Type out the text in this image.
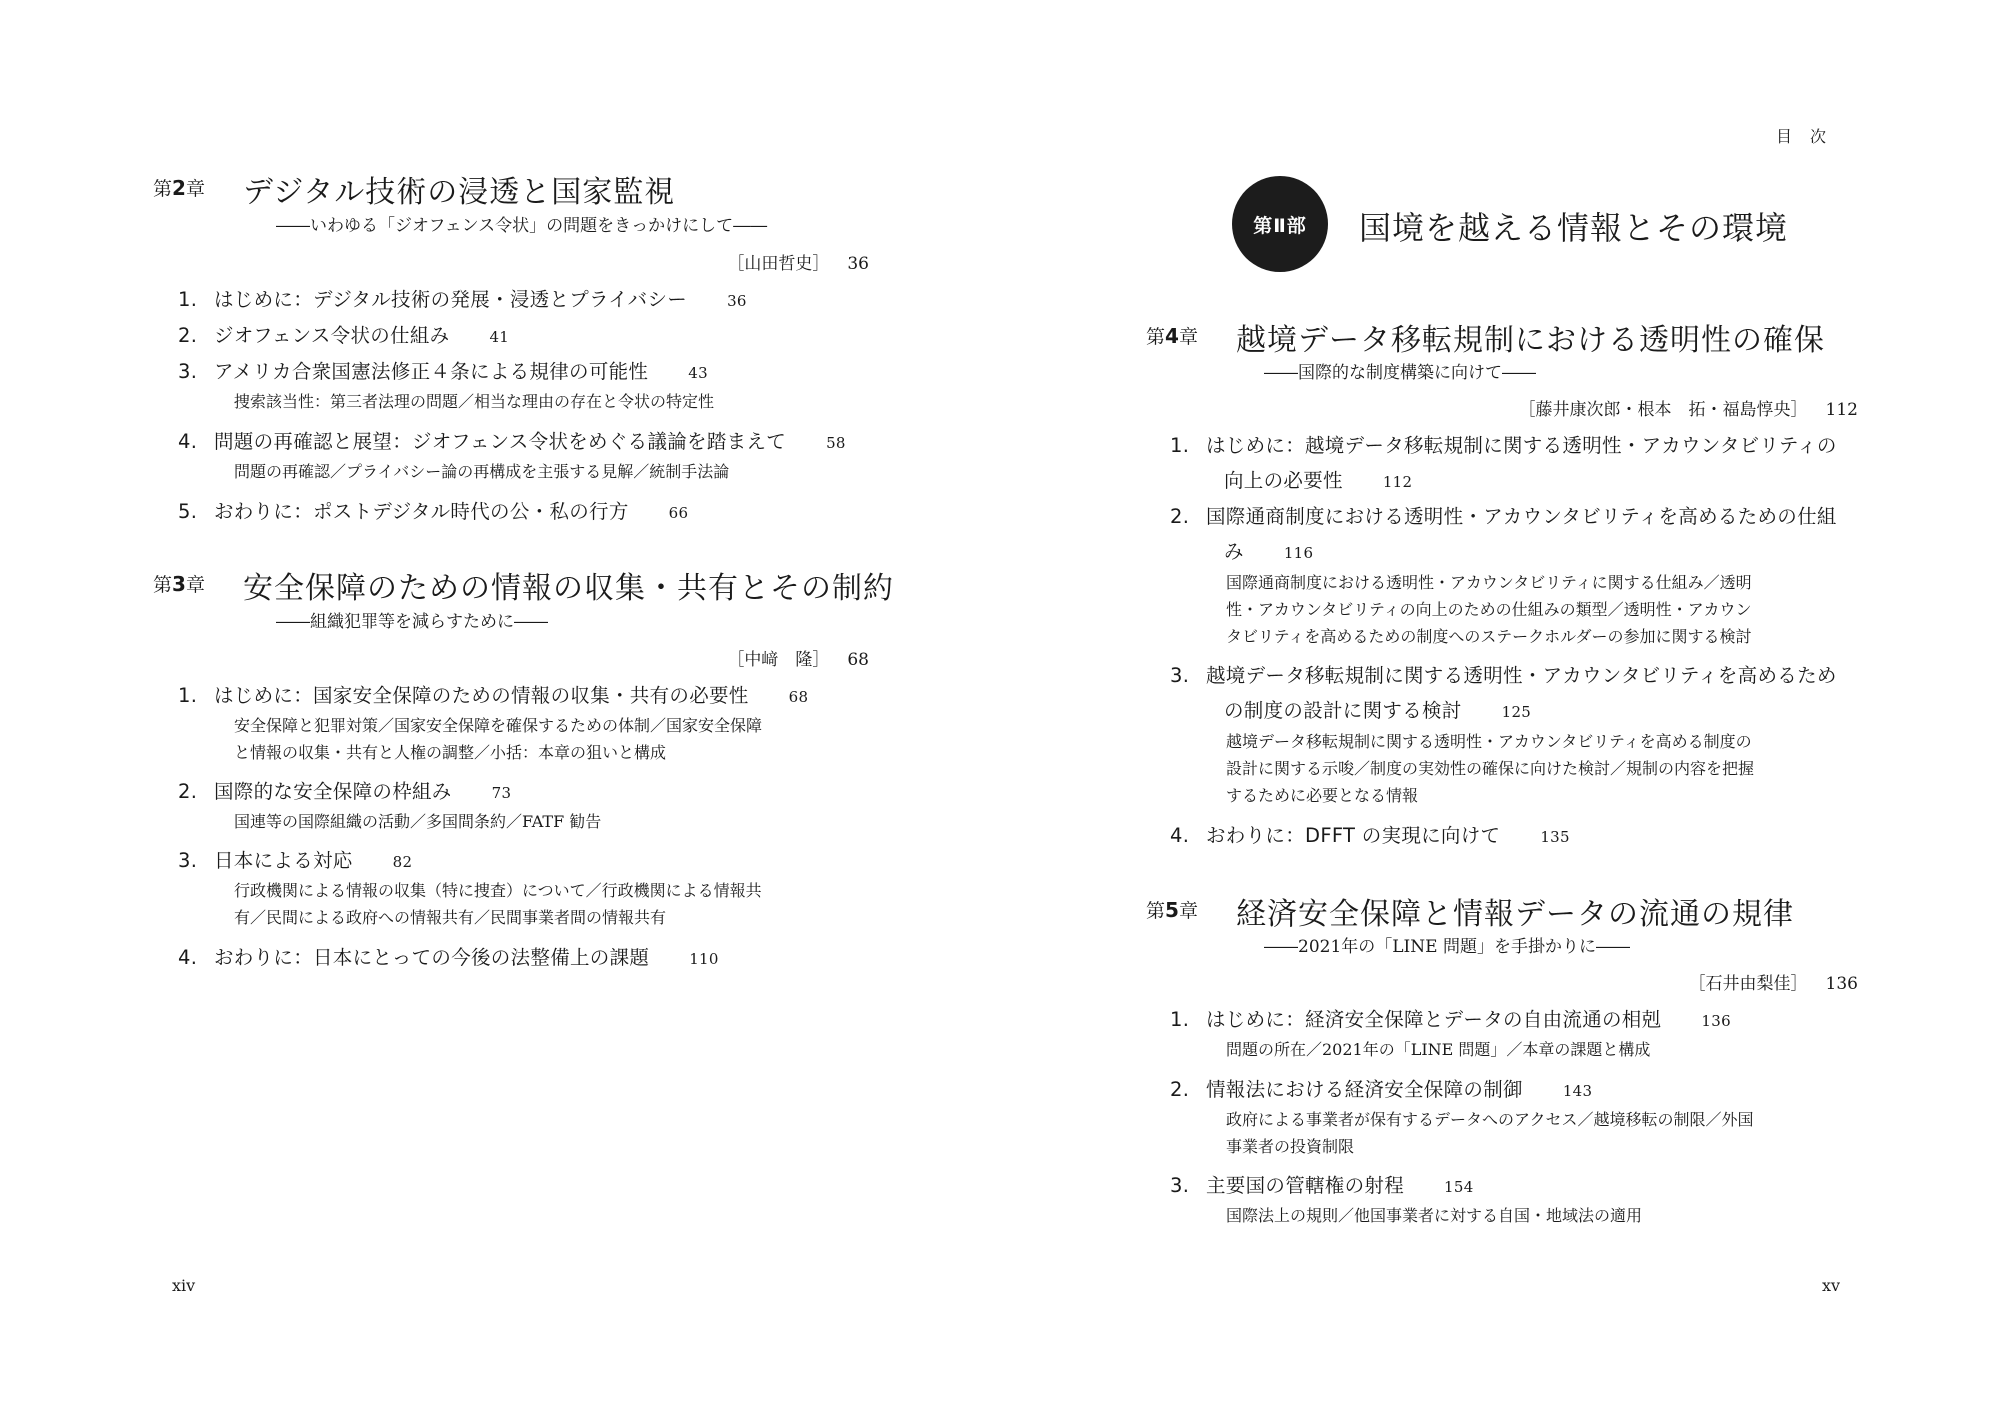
第2章 デジタル技術の浸透と国家監視
――いわゆる「ジオフェンス令状」の問題をきっかけにして――
［山田哲史］ 36
1. はじめに：デジタル技術の発展・浸透とプライバシー	36
2. ジオフェンス令状の仕組み	41
3. アメリカ合衆国憲法修正４条による規律の可能性	43
捜索該当性：第三者法理の問題／相当な理由の存在と令状の特定性
4. 問題の再確認と展望：ジオフェンス令状をめぐる議論を踏まえて	58
問題の再確認／プライバシー論の再構成を主張する見解／統制手法論
5. おわりに：ポストデジタル時代の公・私の行方	66
第3章 安全保障のための情報の収集・共有とその制約
――組織犯罪等を減らすために――
［中﨑　隆］ 68
1. はじめに：国家安全保障のための情報の収集・共有の必要性	68
安全保障と犯罪対策／国家安全保障を確保するための体制／国家安全保障
と情報の収集・共有と人権の調整／小括：本章の狙いと構成
2. 国際的な安全保障の枠組み	73
国連等の国際組織の活動／多国間条約／FATF 勧告
3. 日本による対応	82
行政機関による情報の収集（特に捜査）について／行政機関による情報共
有／民間による政府への情報共有／民間事業者間の情報共有
4. おわりに：日本にとっての今後の法整備上の課題	110
xiv
目次
第Ⅱ部	国境を越える情報とその環境
第4章 越境データ移転規制における透明性の確保
――国際的な制度構築に向けて――
［藤井康次郎・根本　拓・福島惇央］ 112
1. はじめに：越境データ移転規制に関する透明性・アカウンタビリティの
向上の必要性	112
2. 国際通商制度における透明性・アカウンタビリティを高めるための仕組
み	116
国際通商制度における透明性・アカウンタビリティに関する仕組み／透明
性・アカウンタビリティの向上のための仕組みの類型／透明性・アカウン
タビリティを高めるための制度へのステークホルダーの参加に関する検討
3. 越境データ移転規制に関する透明性・アカウンタビリティを高めるため
の制度の設計に関する検討	125
越境データ移転規制に関する透明性・アカウンタビリティを高める制度の
設計に関する示唆／制度の実効性の確保に向けた検討／規制の内容を把握
するために必要となる情報
4. おわりに：DFFT の実現に向けて	135
第5章 経済安全保障と情報データの流通の規律
――2021年の「LINE 問題」を手掛かりに――
［石井由梨佳］ 136
1. はじめに：経済安全保障とデータの自由流通の相剋	136
問題の所在／2021年の「LINE 問題」／本章の課題と構成
2. 情報法における経済安全保障の制御	143
政府による事業者が保有するデータへのアクセス／越境移転の制限／外国
事業者の投資制限
3. 主要国の管轄権の射程	154
国際法上の規則／他国事業者に対する自国・地域法の適用
xv
